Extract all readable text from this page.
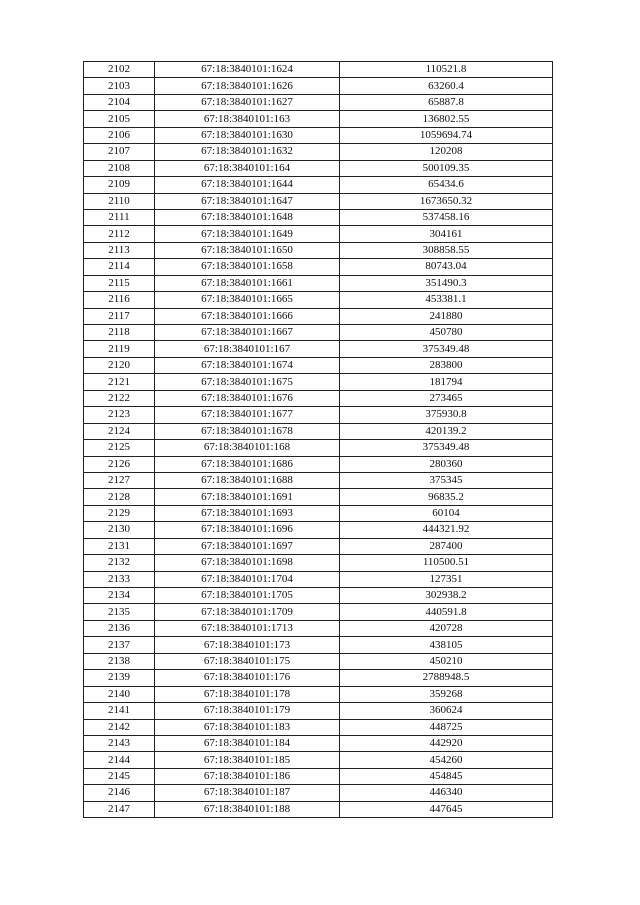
2102	67:18:3840101:1624	110521.8
2103	67:18:3840101:1626	63260.4
2104	67:18:3840101:1627	65887.8
2105	67:18:3840101:163	136802.55
2106	67:18:3840101:1630	1059694.74
2107	67:18:3840101:1632	120208
2108	67:18:3840101:164	500109.35
2109	67:18:3840101:1644	65434.6
2110	67:18:3840101:1647	1673650.32
2111	67:18:3840101:1648	537458.16
2112	67:18:3840101:1649	304161
2113	67:18:3840101:1650	308858.55
2114	67:18:3840101:1658	80743.04
2115	67:18:3840101:1661	351490.3
2116	67:18:3840101:1665	453381.1
2117	67:18:3840101:1666	241880
2118	67:18:3840101:1667	450780
2119	67:18:3840101:167	375349.48
2120	67:18:3840101:1674	283800
2121	67:18:3840101:1675	181794
2122	67:18:3840101:1676	273465
2123	67:18:3840101:1677	375930.8
2124	67:18:3840101:1678	420139.2
2125	67:18:3840101:168	375349.48
2126	67:18:3840101:1686	280360
2127	67:18:3840101:1688	375345
2128	67:18:3840101:1691	96835.2
2129	67:18:3840101:1693	60104
2130	67:18:3840101:1696	444321.92
2131	67:18:3840101:1697	287400
2132	67:18:3840101:1698	110500.51
2133	67:18:3840101:1704	127351
2134	67:18:3840101:1705	302938.2
2135	67:18:3840101:1709	440591.8
2136	67:18:3840101:1713	420728
2137	67:18:3840101:173	438105
2138	67:18:3840101:175	450210
2139	67:18:3840101:176	2788948.5
2140	67:18:3840101:178	359268
2141	67:18:3840101:179	360624
2142	67:18:3840101:183	448725
2143	67:18:3840101:184	442920
2144	67:18:3840101:185	454260
2145	67:18:3840101:186	454845
2146	67:18:3840101:187	446340
2147	67:18:3840101:188	447645
